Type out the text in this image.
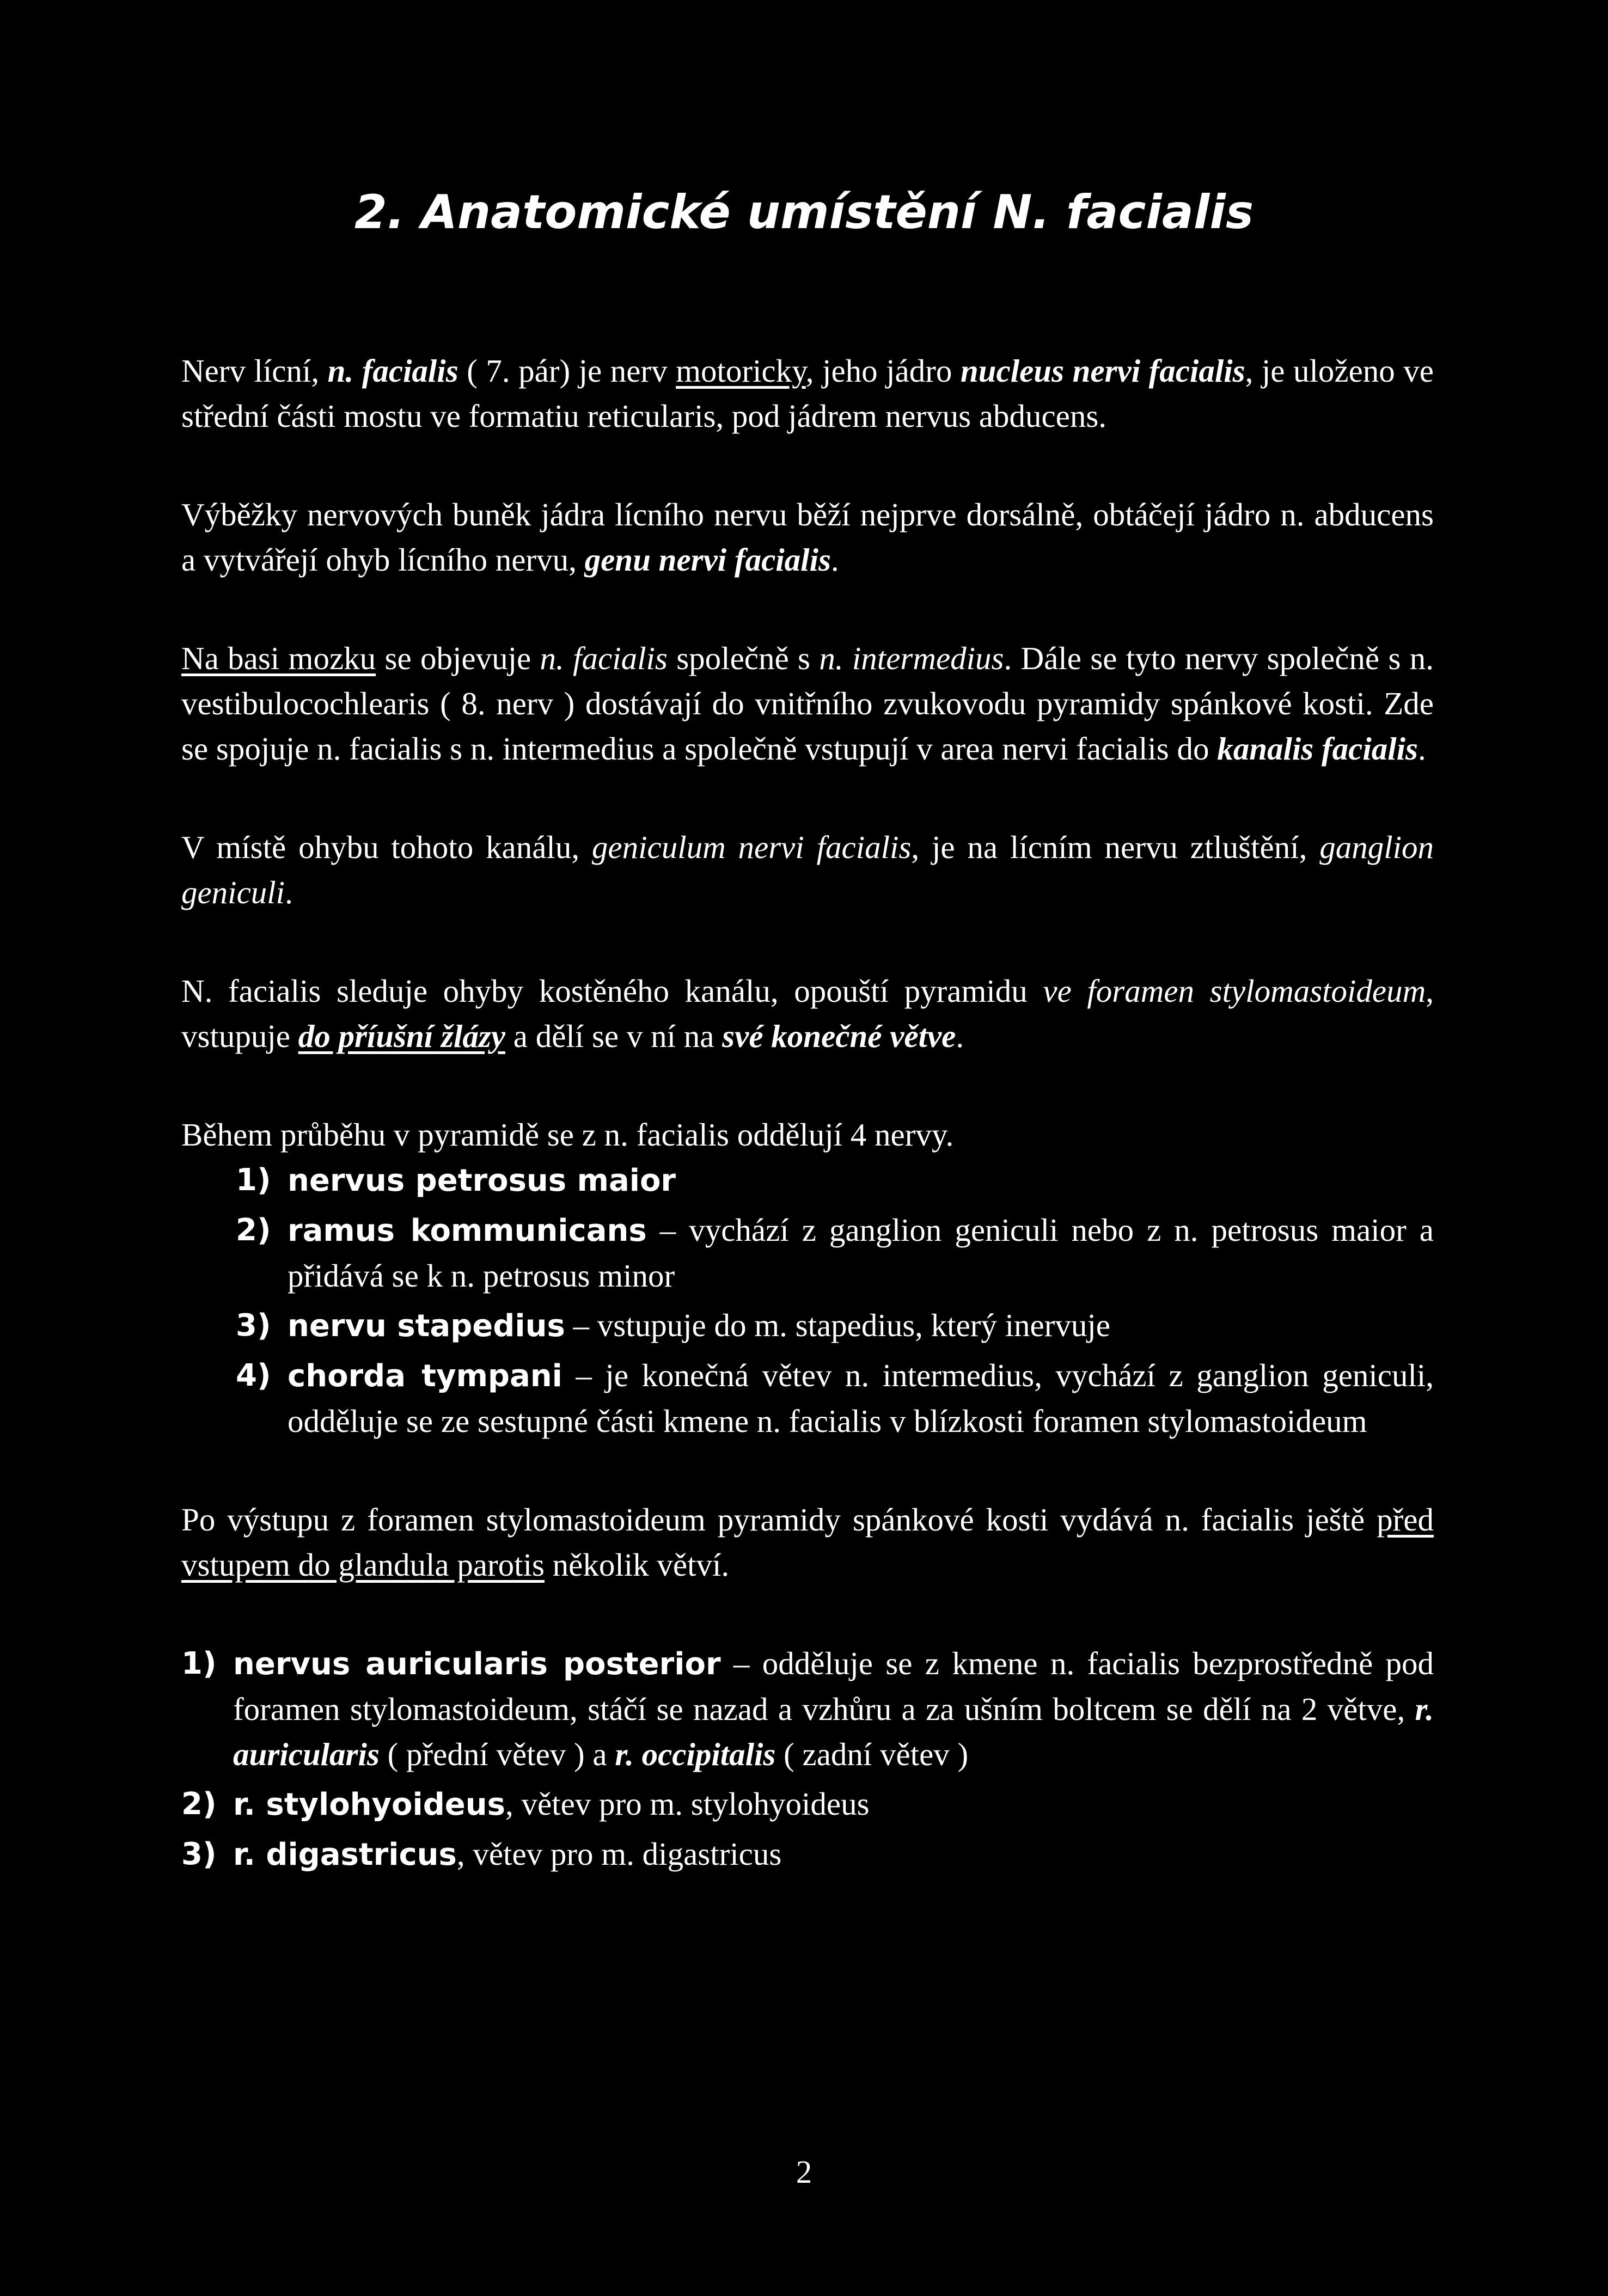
2. Anatomické umístění N. facialis

Nerv lícní, n. facialis ( 7. pár) je nerv motoricky, jeho jádro nucleus nervi facialis, je uloženo ve střední části mostu ve formatiu reticularis, pod jádrem nervus abducens.

Výběžky nervových buněk jádra lícního nervu běží nejprve dorsálně, obtáčejí jádro n. abducens a vytvářejí ohyb lícního nervu, genu nervi facialis.

Na basi mozku se objevuje n. facialis společně s n. intermedius. Dále se tyto nervy společně s n. vestibulocochlearis ( 8. nerv ) dostávají do vnitřního zvukovodu pyramidy spánkové kosti. Zde se spojuje n. facialis s n. intermedius a společně vstupují v area nervi facialis do kanalis facialis.

V místě ohybu tohoto kanálu, geniculum nervi facialis, je na lícním nervu ztluštění, ganglion geniculi.

N. facialis sleduje ohyby kostěného kanálu, opouští pyramidu ve foramen stylomastoideum, vstupuje do příušní žlázy a dělí se v ní na své konečné větve.

Během průběhu v pyramidě se z n. facialis oddělují 4 nervy.

1) nervus petrosus maior
2) ramus kommunicans – vychází z ganglion geniculi nebo z n. petrosus maior a přidává se k n. petrosus minor
3) nervu stapedius – vstupuje do m. stapedius, který inervuje
4) chorda tympani – je konečná větev n. intermedius, vychází z ganglion geniculi, odděluje se ze sestupné části kmene n. facialis v blízkosti foramen stylomastoideum

Po výstupu z foramen stylomastoideum pyramidy spánkové kosti vydává n. facialis ještě před vstupem do glandula parotis několik větví.

1) nervus auricularis posterior – odděluje se z kmene n. facialis bezprostředně pod foramen stylomastoideum, stáčí se nazad a vzhůru a za ušním boltcem se dělí na 2 větve, r. auricularis ( přední větev ) a r. occipitalis ( zadní větev )
2) r. stylohyoideus, větev pro m. stylohyoideus
3) r. digastricus, větev pro m. digastricus
2
